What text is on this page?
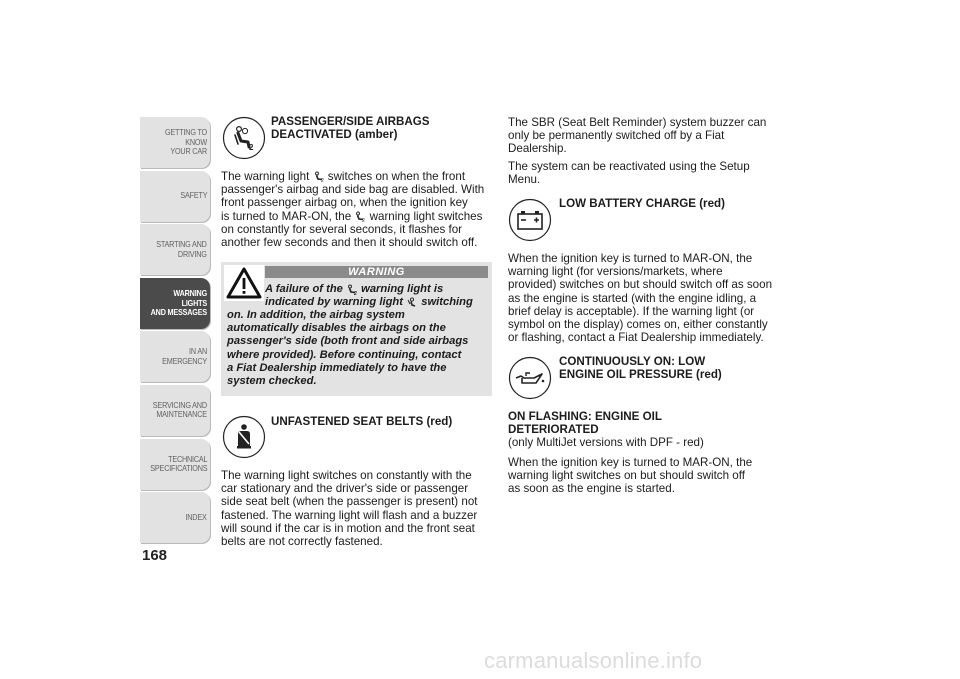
GETTING TO KNOW
YOUR CAR
SAFETY
STARTING AND
DRIVING
WARNING LIGHTS
AND MESSAGES
IN AN EMERGENCY
SERVICING AND
MAINTENANCE
TECHNICAL
SPECIFICATIONS
INDEX
168
2
PASSENGER/SIDE AIRBAGS
DEACTIVATED (amber)
The warning light 2 switches on when the front
passenger's airbag and side bag are disabled. With
front passenger airbag on, when the ignition key
is turned to MAR-ON, the 2 warning light switches
on constantly for several seconds, it flashes for
another few seconds and then it should switch off.
WARNING
A failure of the 2 warning light is
indicated by warning light switching
on. In addition, the airbag system
automatically disables the airbags on the
passenger's side (both front and side airbags
where provided). Before continuing, contact
a Fiat Dealership immediately to have the
system checked.
UNFASTENED SEAT BELTS (red)
The warning light switches on constantly with the
car stationary and the driver's side or passenger
side seat belt (when the passenger is present) not
fastened. The warning light will flash and a buzzer
will sound if the car is in motion and the front seat
belts are not correctly fastened.
The SBR (Seat Belt Reminder) system buzzer can
only be permanently switched off by a Fiat
Dealership.
The system can be reactivated using the Setup
Menu.
LOW BATTERY CHARGE (red)
When the ignition key is turned to MAR-ON, the
warning light (for versions/markets, where
provided) switches on but should switch off as soon
as the engine is started (with the engine idling, a
brief delay is acceptable). If the warning light (or
symbol on the display) comes on, either constantly
or flashing, contact a Fiat Dealership immediately.
CONTINUOUSLY ON: LOW
ENGINE OIL PRESSURE (red)
ON FLASHING: ENGINE OIL
DETERIORATED
(only MultiJet versions with DPF - red)
When the ignition key is turned to MAR-ON, the
warning light switches on but should switch off
as soon as the engine is started.
carmanualsonline.info
